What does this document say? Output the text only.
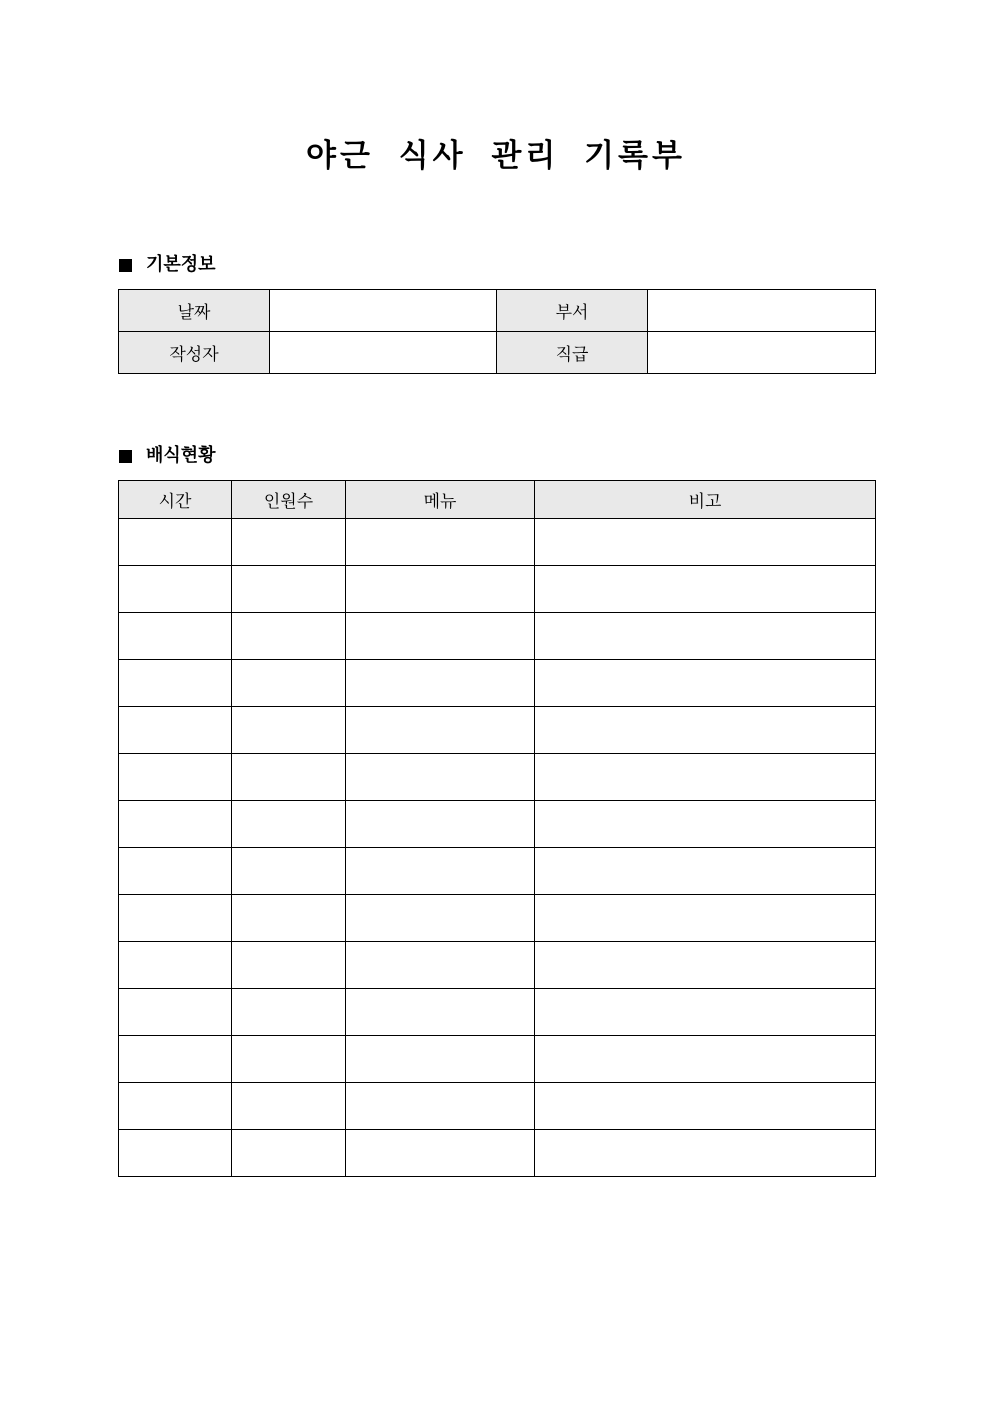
야근 식사 관리 기록부
기본정보
날짜		부서	
작성자		직급	
배식현황
시간	인원수	메뉴	비고
